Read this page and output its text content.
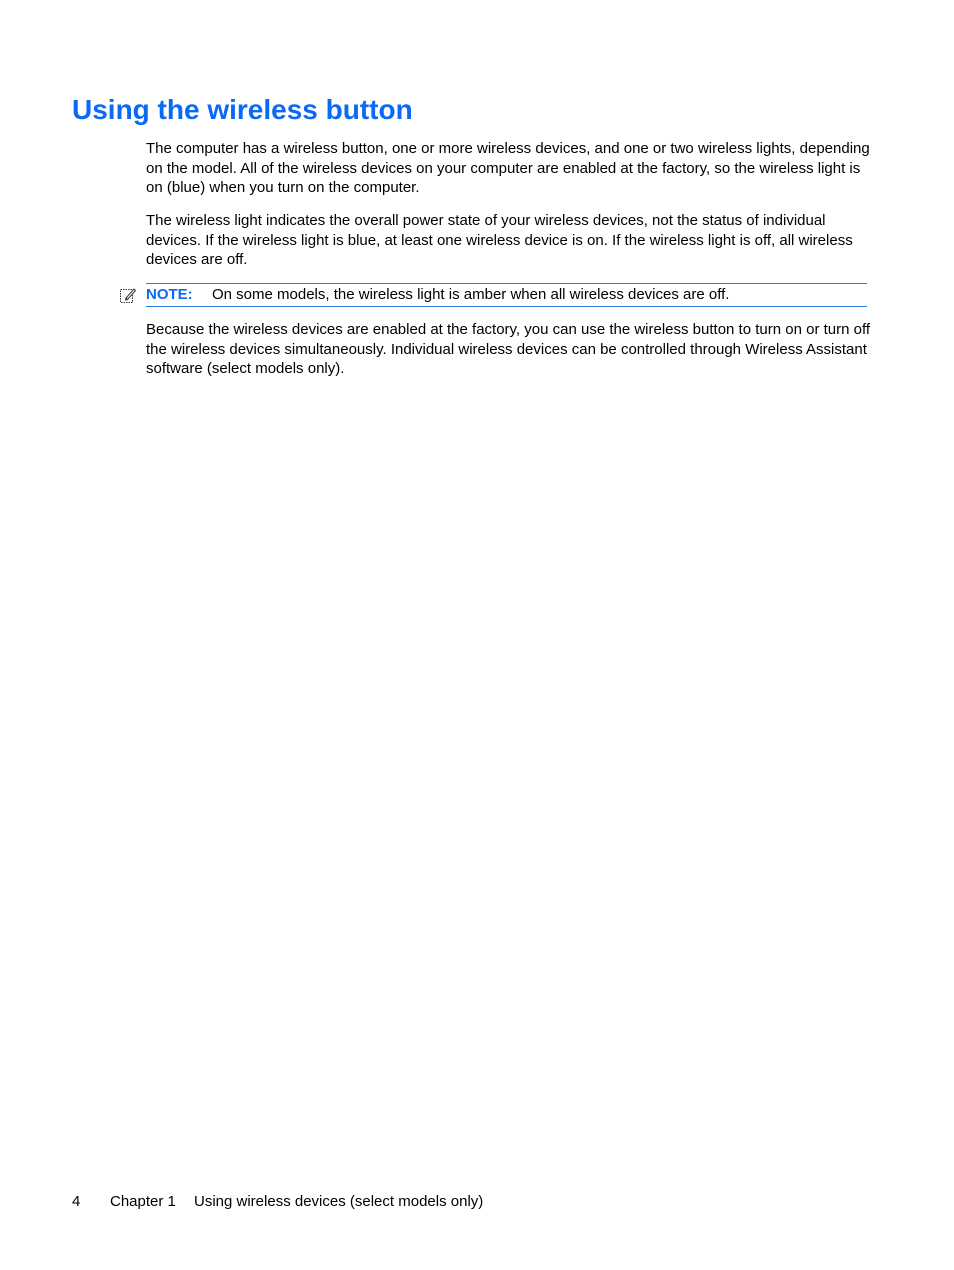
Using the wireless button

The computer has a wireless button, one or more wireless devices, and one or two wireless lights, depending on the model. All of the wireless devices on your computer are enabled at the factory, so the wireless light is on (blue) when you turn on the computer.

The wireless light indicates the overall power state of your wireless devices, not the status of individual devices. If the wireless light is blue, at least one wireless device is on. If the wireless light is off, all wireless devices are off.

NOTE: On some models, the wireless light is amber when all wireless devices are off.

Because the wireless devices are enabled at the factory, you can use the wireless button to turn on or turn off the wireless devices simultaneously. Individual wireless devices can be controlled through Wireless Assistant software (select models only).

4 Chapter 1 Using wireless devices (select models only)
